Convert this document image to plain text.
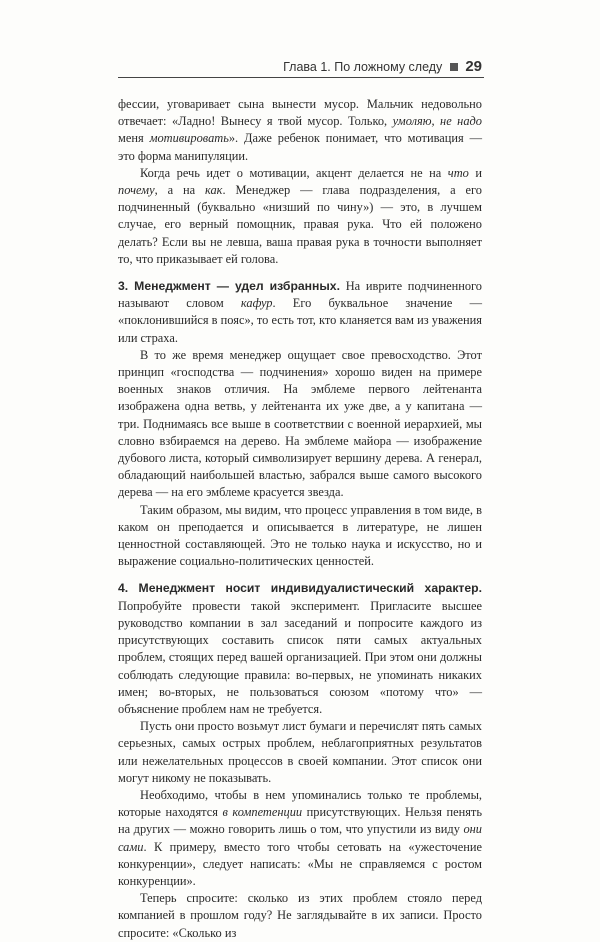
Глава 1. По ложному следу 29

фессии, уговаривает сына вынести мусор. Мальчик недовольно отвечает: «Ладно! Вынесу я твой мусор. Только, умоляю, не надо меня мотивировать». Даже ребенок понимает, что мотивация — это форма манипуляции.

Когда речь идет о мотивации, акцент делается не на что и почему, а на как. Менеджер — глава подразделения, а его подчиненный (буквально «низший по чину») — это, в лучшем случае, его верный помощник, правая рука. Что ей положено делать? Если вы не левша, ваша правая рука в точности выполняет то, что приказывает ей голова.

3. Менеджмент — удел избранных. На иврите подчиненного называют словом кафур. Его буквальное значение — «поклонившийся в пояс», то есть тот, кто кланяется вам из уважения или страха.

В то же время менеджер ощущает свое превосходство. Этот принцип «господства — подчинения» хорошо виден на примере военных знаков отличия. На эмблеме первого лейтенанта изображена одна ветвь, у лейтенанта их уже две, а у капитана — три. Поднимаясь все выше в соответствии с военной иерархией, мы словно взбираемся на дерево. На эмблеме майора — изображение дубового листа, который символизирует вершину дерева. А генерал, обладающий наибольшей властью, забрался выше самого высокого дерева — на его эмблеме красуется звезда.

Таким образом, мы видим, что процесс управления в том виде, в каком он преподается и описывается в литературе, не лишен ценностной составляющей. Это не только наука и искусство, но и выражение социально-политических ценностей.

4. Менеджмент носит индивидуалистический характер. Попробуйте провести такой эксперимент. Пригласите высшее руководство компании в зал заседаний и попросите каждого из присутствующих составить список пяти самых актуальных проблем, стоящих перед вашей организацией. При этом они должны соблюдать следующие правила: во-первых, не упоминать никаких имен; во-вторых, не пользоваться союзом «потому что» — объяснение проблем нам не требуется.

Пусть они просто возьмут лист бумаги и перечислят пять самых серьезных, самых острых проблем, неблагоприятных результатов или нежелательных процессов в своей компании. Этот список они могут никому не показывать.

Необходимо, чтобы в нем упоминались только те проблемы, которые находятся в компетенции присутствующих. Нельзя пенять на других — можно говорить лишь о том, что упустили из виду они сами. К примеру, вместо того чтобы сетовать на «ужесточение конкуренции», следует написать: «Мы не справляемся с ростом конкуренции».

Теперь спросите: сколько из этих проблем стояло перед компанией в прошлом году? Не заглядывайте в их записи. Просто спросите: «Сколько из
